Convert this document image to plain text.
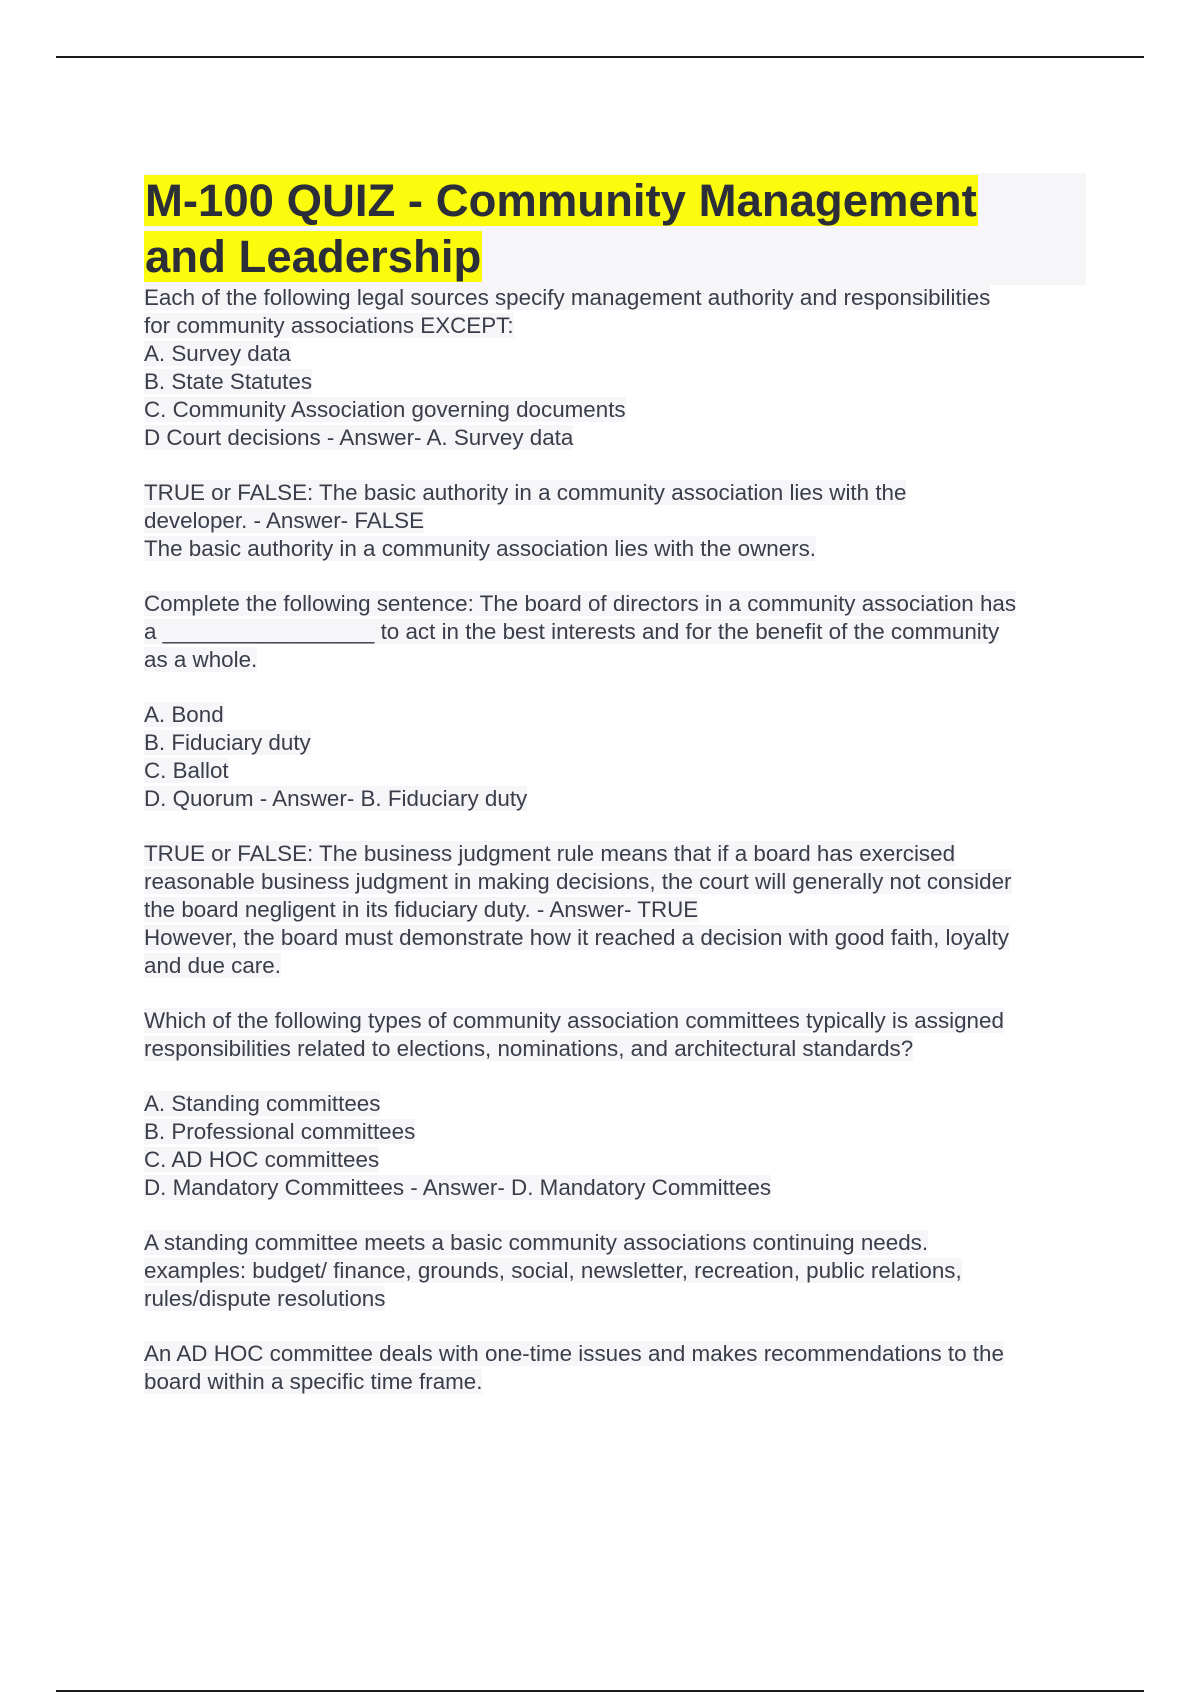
M-100 QUIZ - Community Management
and Leadership

Each of the following legal sources specify management authority and responsibilities

for community associations EXCEPT:

A. Survey data

B. State Statutes

C. Community Association governing documents

D Court decisions - Answer- A. Survey data

TRUE or FALSE: The basic authority in a community association lies with the

developer. - Answer- FALSE

The basic authority in a community association lies with the owners.

Complete the following sentence: The board of directors in a community association has

a _________________ to act in the best interests and for the benefit of the community

as a whole.

A. Bond

B. Fiduciary duty

C. Ballot

D. Quorum - Answer- B. Fiduciary duty

TRUE or FALSE: The business judgment rule means that if a board has exercised

reasonable business judgment in making decisions, the court will generally not consider

the board negligent in its fiduciary duty. - Answer- TRUE

However, the board must demonstrate how it reached a decision with good faith, loyalty

and due care.

Which of the following types of community association committees typically is assigned

responsibilities related to elections, nominations, and architectural standards?

A. Standing committees

B. Professional committees

C. AD HOC committees

D. Mandatory Committees - Answer- D. Mandatory Committees

A standing committee meets a basic community associations continuing needs.

examples: budget/ finance, grounds, social, newsletter, recreation, public relations,

rules/dispute resolutions

An AD HOC committee deals with one-time issues and makes recommendations to the

board within a specific time frame.
